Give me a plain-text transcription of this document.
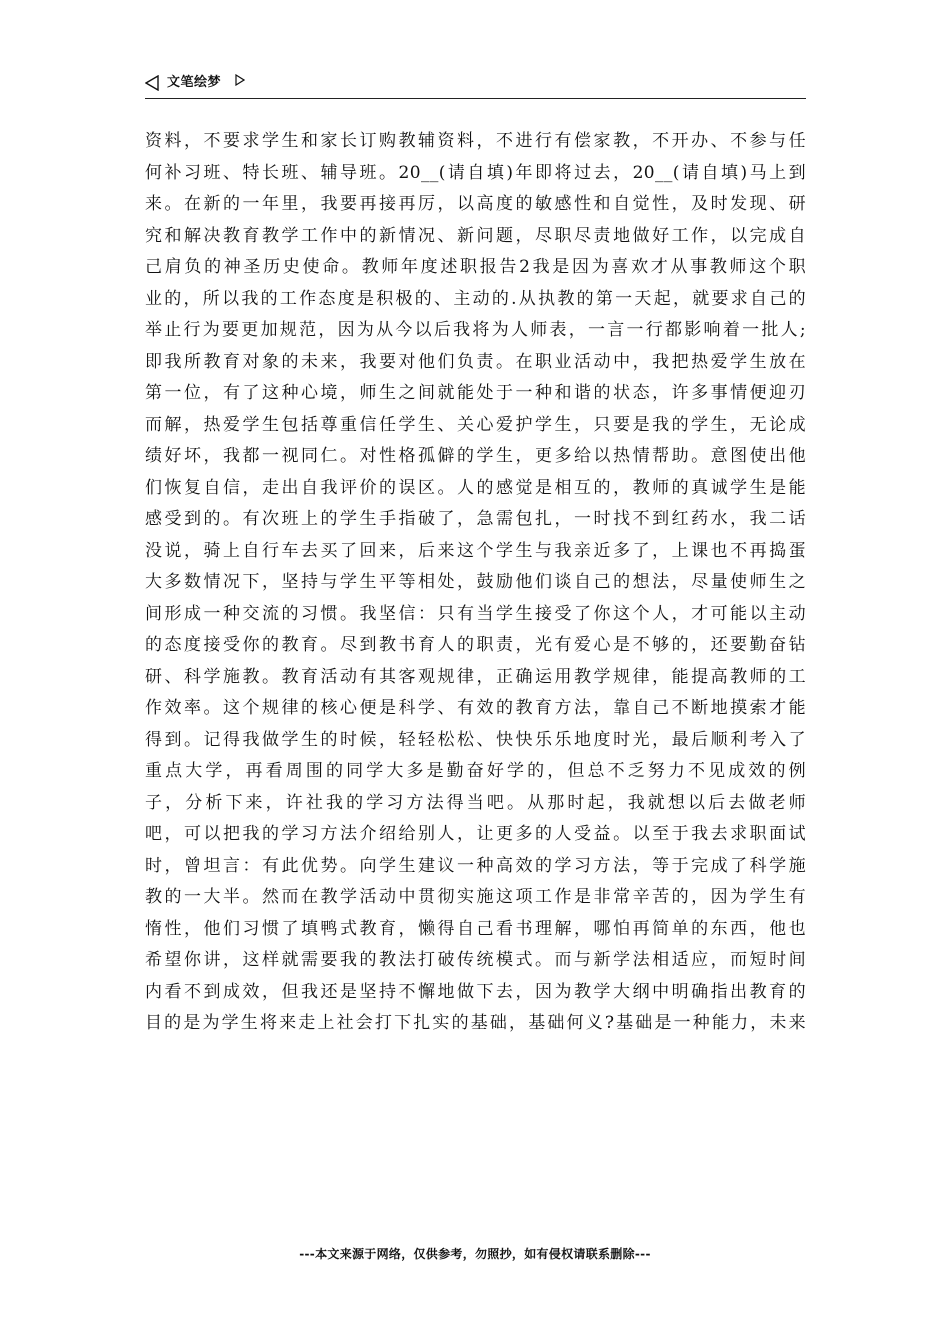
文笔绘梦
资料，不要求学生和家长订购教辅资料，不进行有偿家教，不开办、不参与任
何补习班、特长班、辅导班。20__(请自填)年即将过去，20__(请自填)马上到
来。在新的一年里，我要再接再厉，以高度的敏感性和自觉性，及时发现、研
究和解决教育教学工作中的新情况、新问题，尽职尽责地做好工作，以完成自
己肩负的神圣历史使命。教师年度述职报告2我是因为喜欢才从事教师这个职
业的，所以我的工作态度是积极的、主动的.从执教的第一天起，就要求自己的
举止行为要更加规范，因为从今以后我将为人师表，一言一行都影响着一批人;
即我所教育对象的未来，我要对他们负责。在职业活动中，我把热爱学生放在
第一位，有了这种心境，师生之间就能处于一种和谐的状态，许多事情便迎刃
而解，热爱学生包括尊重信任学生、关心爱护学生，只要是我的学生，无论成
绩好坏，我都一视同仁。对性格孤僻的学生，更多给以热情帮助。意图使出他
们恢复自信，走出自我评价的误区。人的感觉是相互的，教师的真诚学生是能
感受到的。有次班上的学生手指破了，急需包扎，一时找不到红药水，我二话
没说，骑上自行车去买了回来，后来这个学生与我亲近多了，上课也不再捣蛋
大多数情况下，坚持与学生平等相处，鼓励他们谈自己的想法，尽量使师生之
间形成一种交流的习惯。我坚信：只有当学生接受了你这个人，才可能以主动
的态度接受你的教育。尽到教书育人的职责，光有爱心是不够的，还要勤奋钻
研、科学施教。教育活动有其客观规律，正确运用教学规律，能提高教师的工
作效率。这个规律的核心便是科学、有效的教育方法，靠自己不断地摸索才能
得到。记得我做学生的时候，轻轻松松、快快乐乐地度时光，最后顺利考入了
重点大学，再看周围的同学大多是勤奋好学的，但总不乏努力不见成效的例
子，分析下来，许社我的学习方法得当吧。从那时起，我就想以后去做老师
吧，可以把我的学习方法介绍给别人，让更多的人受益。以至于我去求职面试
时，曾坦言：有此优势。向学生建议一种高效的学习方法，等于完成了科学施
教的一大半。然而在教学活动中贯彻实施这项工作是非常辛苦的，因为学生有
惰性，他们习惯了填鸭式教育，懒得自己看书理解，哪怕再简单的东西，他也
希望你讲，这样就需要我的教法打破传统模式。而与新学法相适应，而短时间
内看不到成效，但我还是坚持不懈地做下去，因为教学大纲中明确指出教育的
目的是为学生将来走上社会打下扎实的基础，基础何义?基础是一种能力，未来
---本文来源于网络，仅供参考，勿照抄，如有侵权请联系删除---
